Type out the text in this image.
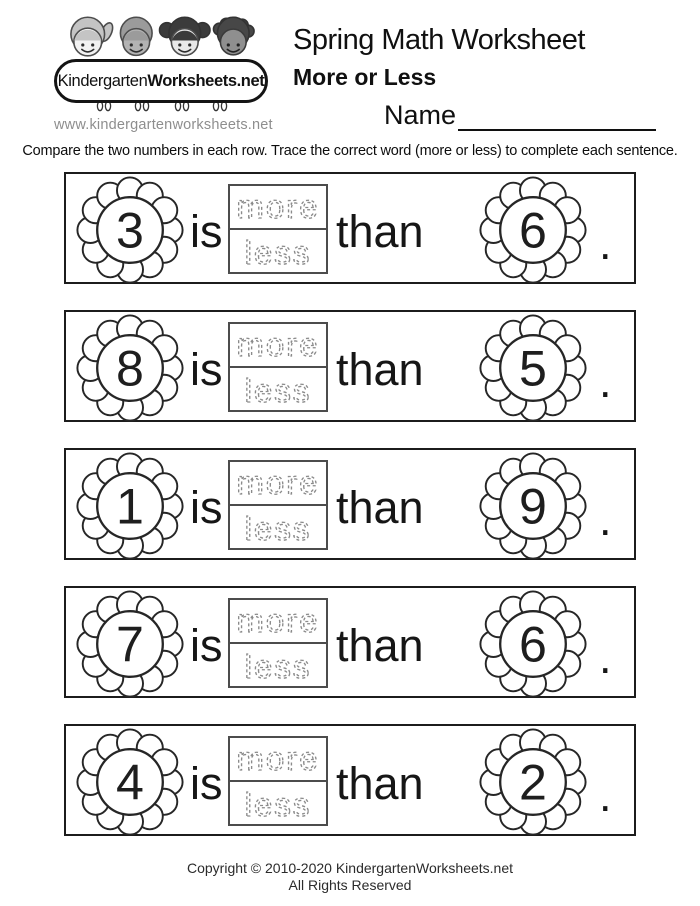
Kindergarten Worksheets.net
www.kindergartenworksheets.net
Spring Math Worksheet
More or Less
Name
Compare the two numbers in each row. Trace the correct word (more or less) to complete each sentence.
3 is more
less than 6 .
8 is more
less than 5 .
1 is more
less than 9 .
7 is more
less than 6 .
4 is more
less than 2 .
Copyright © 2010-2020 KindergartenWorksheets.net
All Rights Reserved
